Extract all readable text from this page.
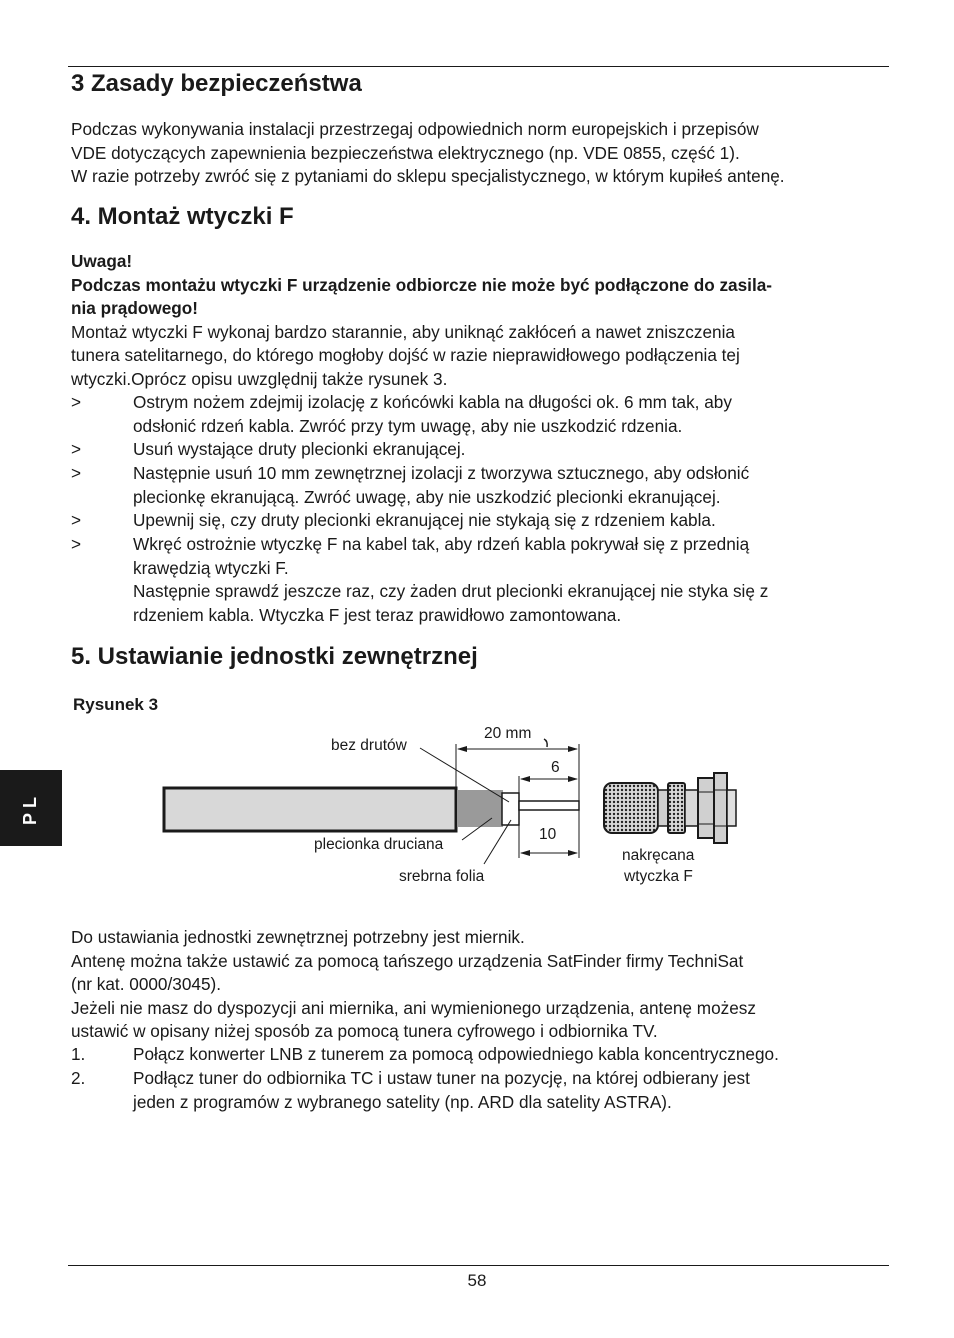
3 Zasady bezpieczeństwa

Podczas wykonywania instalacji przestrzegaj odpowiednich norm europejskich i przepisów
VDE dotyczących zapewnienia bezpieczeństwa elektrycznego (np. VDE 0855, część 1).
W razie potrzeby zwróć się z pytaniami do sklepu specjalistycznego, w którym kupiłeś antenę.

4. Montaż wtyczki F

Uwaga!
Podczas montażu wtyczki F urządzenie odbiorcze nie może być podłączone do zasila-
nia prądowego!
Montaż wtyczki F wykonaj bardzo starannie, aby uniknąć zakłóceń a nawet zniszczenia
tunera satelitarnego, do którego mogłoby dojść w razie nieprawidłowego podłączenia tej
wtyczki.Oprócz opisu uwzględnij także rysunek 3.

>	Ostrym nożem zdejmij izolację z końcówki kabla na długości ok. 6 mm tak, aby
odsłonić rdzeń kabla. Zwróć przy tym uwagę, aby nie uszkodzić rdzenia.
>	Usuń wystające druty plecionki ekranującej.
>	Następnie usuń 10 mm zewnętrznej izolacji z tworzywa sztucznego, aby odsłonić
plecionkę ekranującą. Zwróć uwagę, aby nie uszkodzić plecionki ekranującej.
>	Upewnij się, czy druty plecionki ekranującej nie stykają się z rdzeniem kabla.
>	Wkręć ostrożnie wtyczkę F na kabel tak, aby rdzeń kabla pokrywał się z przednią
krawędzią wtyczki F.
Następnie sprawdź jeszcze raz, czy żaden drut plecionki ekranującej nie styka się z
rdzeniem kabla. Wtyczka F jest teraz prawidłowo zamontowana.
5. Ustawianie jednostki zewnętrznej
Rysunek 3
bez drutów
20 mm
6
10
plecionka druciana
srebrna folia
nakręcana
wtyczka F

Do ustawiania jednostki zewnętrznej potrzebny jest miernik.
Antenę można także ustawić za pomocą tańszego urządzenia SatFinder firmy TechniSat
(nr kat. 0000/3045).
Jeżeli nie masz do dyspozycji ani miernika, ani wymienionego urządzenia, antenę możesz
ustawić w opisany niżej sposób za pomocą tunera cyfrowego i odbiornika TV.

1.	Połącz konwerter LNB z tunerem za pomocą odpowiedniego kabla koncentrycznego.
2.	Podłącz tuner do odbiornika TC i ustaw tuner na pozycję, na której odbierany jest
jeden z programów z wybranego satelity (np. ARD dla satelity ASTRA).
PL
58
